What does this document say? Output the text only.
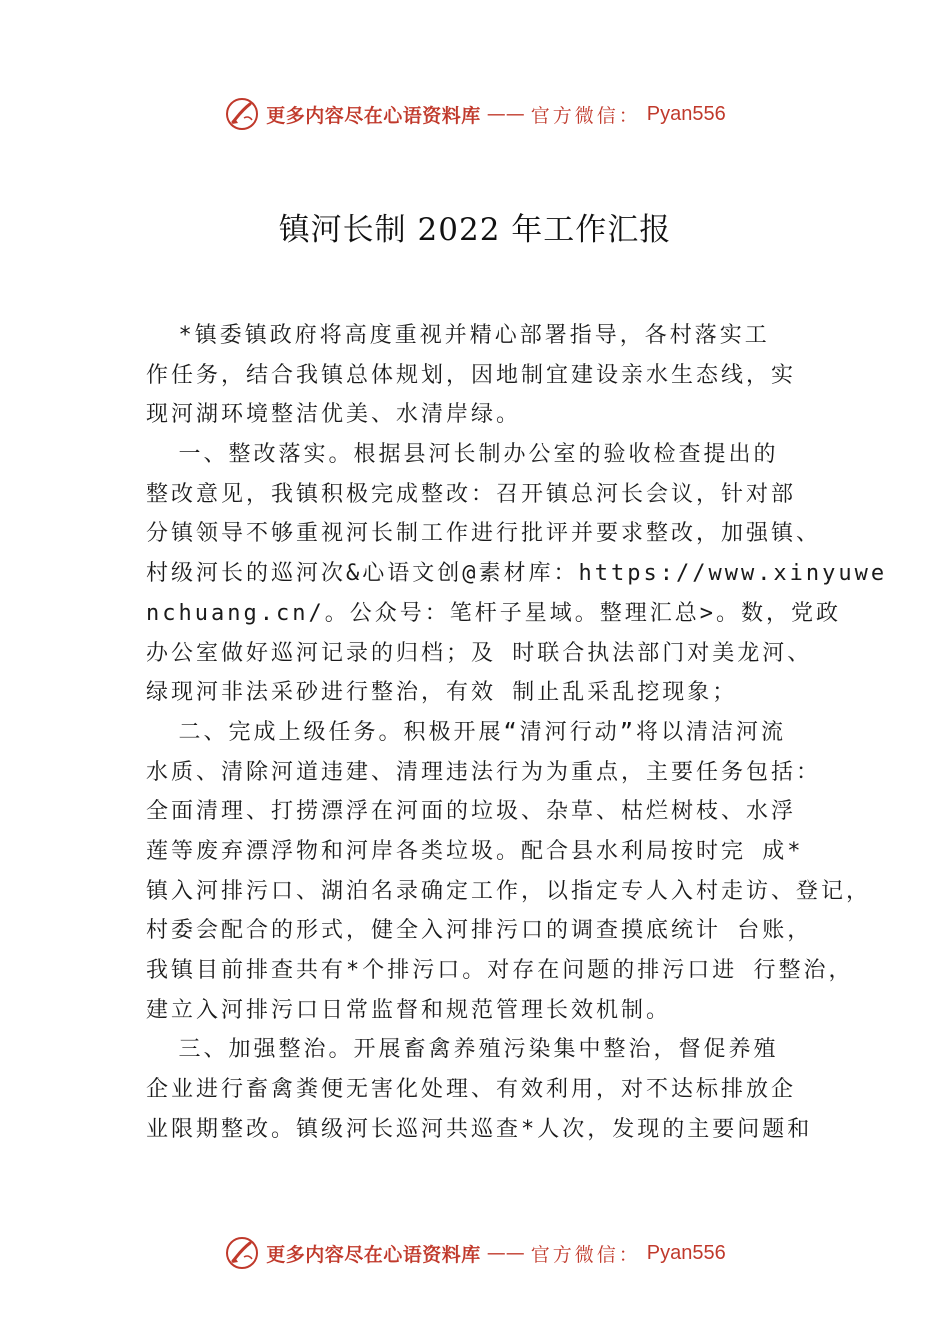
更多内容尽在心语资料库 —— 官方微信： Pyan556
镇河长制 2022 年工作汇报
*镇委镇政府将高度重视并精心部署指导，各村落实工
作任务，结合我镇总体规划，因地制宜建设亲水生态线，实
现河湖环境整洁优美、水清岸绿。
一、整改落实。根据县河长制办公室的验收检查提出的
整改意见，我镇积极完成整改：召开镇总河长会议，针对部
分镇领导不够重视河长制工作进行批评并要求整改，加强镇、
村级河长的巡河次&心语文创@素材库：https://www.xinyuwe
nchuang.cn/。公众号：笔杆子星域。整理汇总>。数，党政
办公室做好巡河记录的归档；及 时联合执法部门对美龙河、
绿现河非法采砂进行整治，有效 制止乱采乱挖现象；
二、完成上级任务。积极开展“清河行动”将以清洁河流
水质、清除河道违建、清理违法行为为重点，主要任务包括：
全面清理、打捞漂浮在河面的垃圾、杂草、枯烂树枝、水浮
莲等废弃漂浮物和河岸各类垃圾。配合县水利局按时完 成*
镇入河排污口、湖泊名录确定工作，以指定专人入村走访、登记，
村委会配合的形式，健全入河排污口的调查摸底统计 台账，
我镇目前排查共有*个排污口。对存在问题的排污口进 行整治，
建立入河排污口日常监督和规范管理长效机制。
三、加强整治。开展畜禽养殖污染集中整治，督促养殖
企业进行畜禽粪便无害化处理、有效利用，对不达标排放企
业限期整改。镇级河长巡河共巡查*人次，发现的主要问题和
更多内容尽在心语资料库 —— 官方微信： Pyan556
